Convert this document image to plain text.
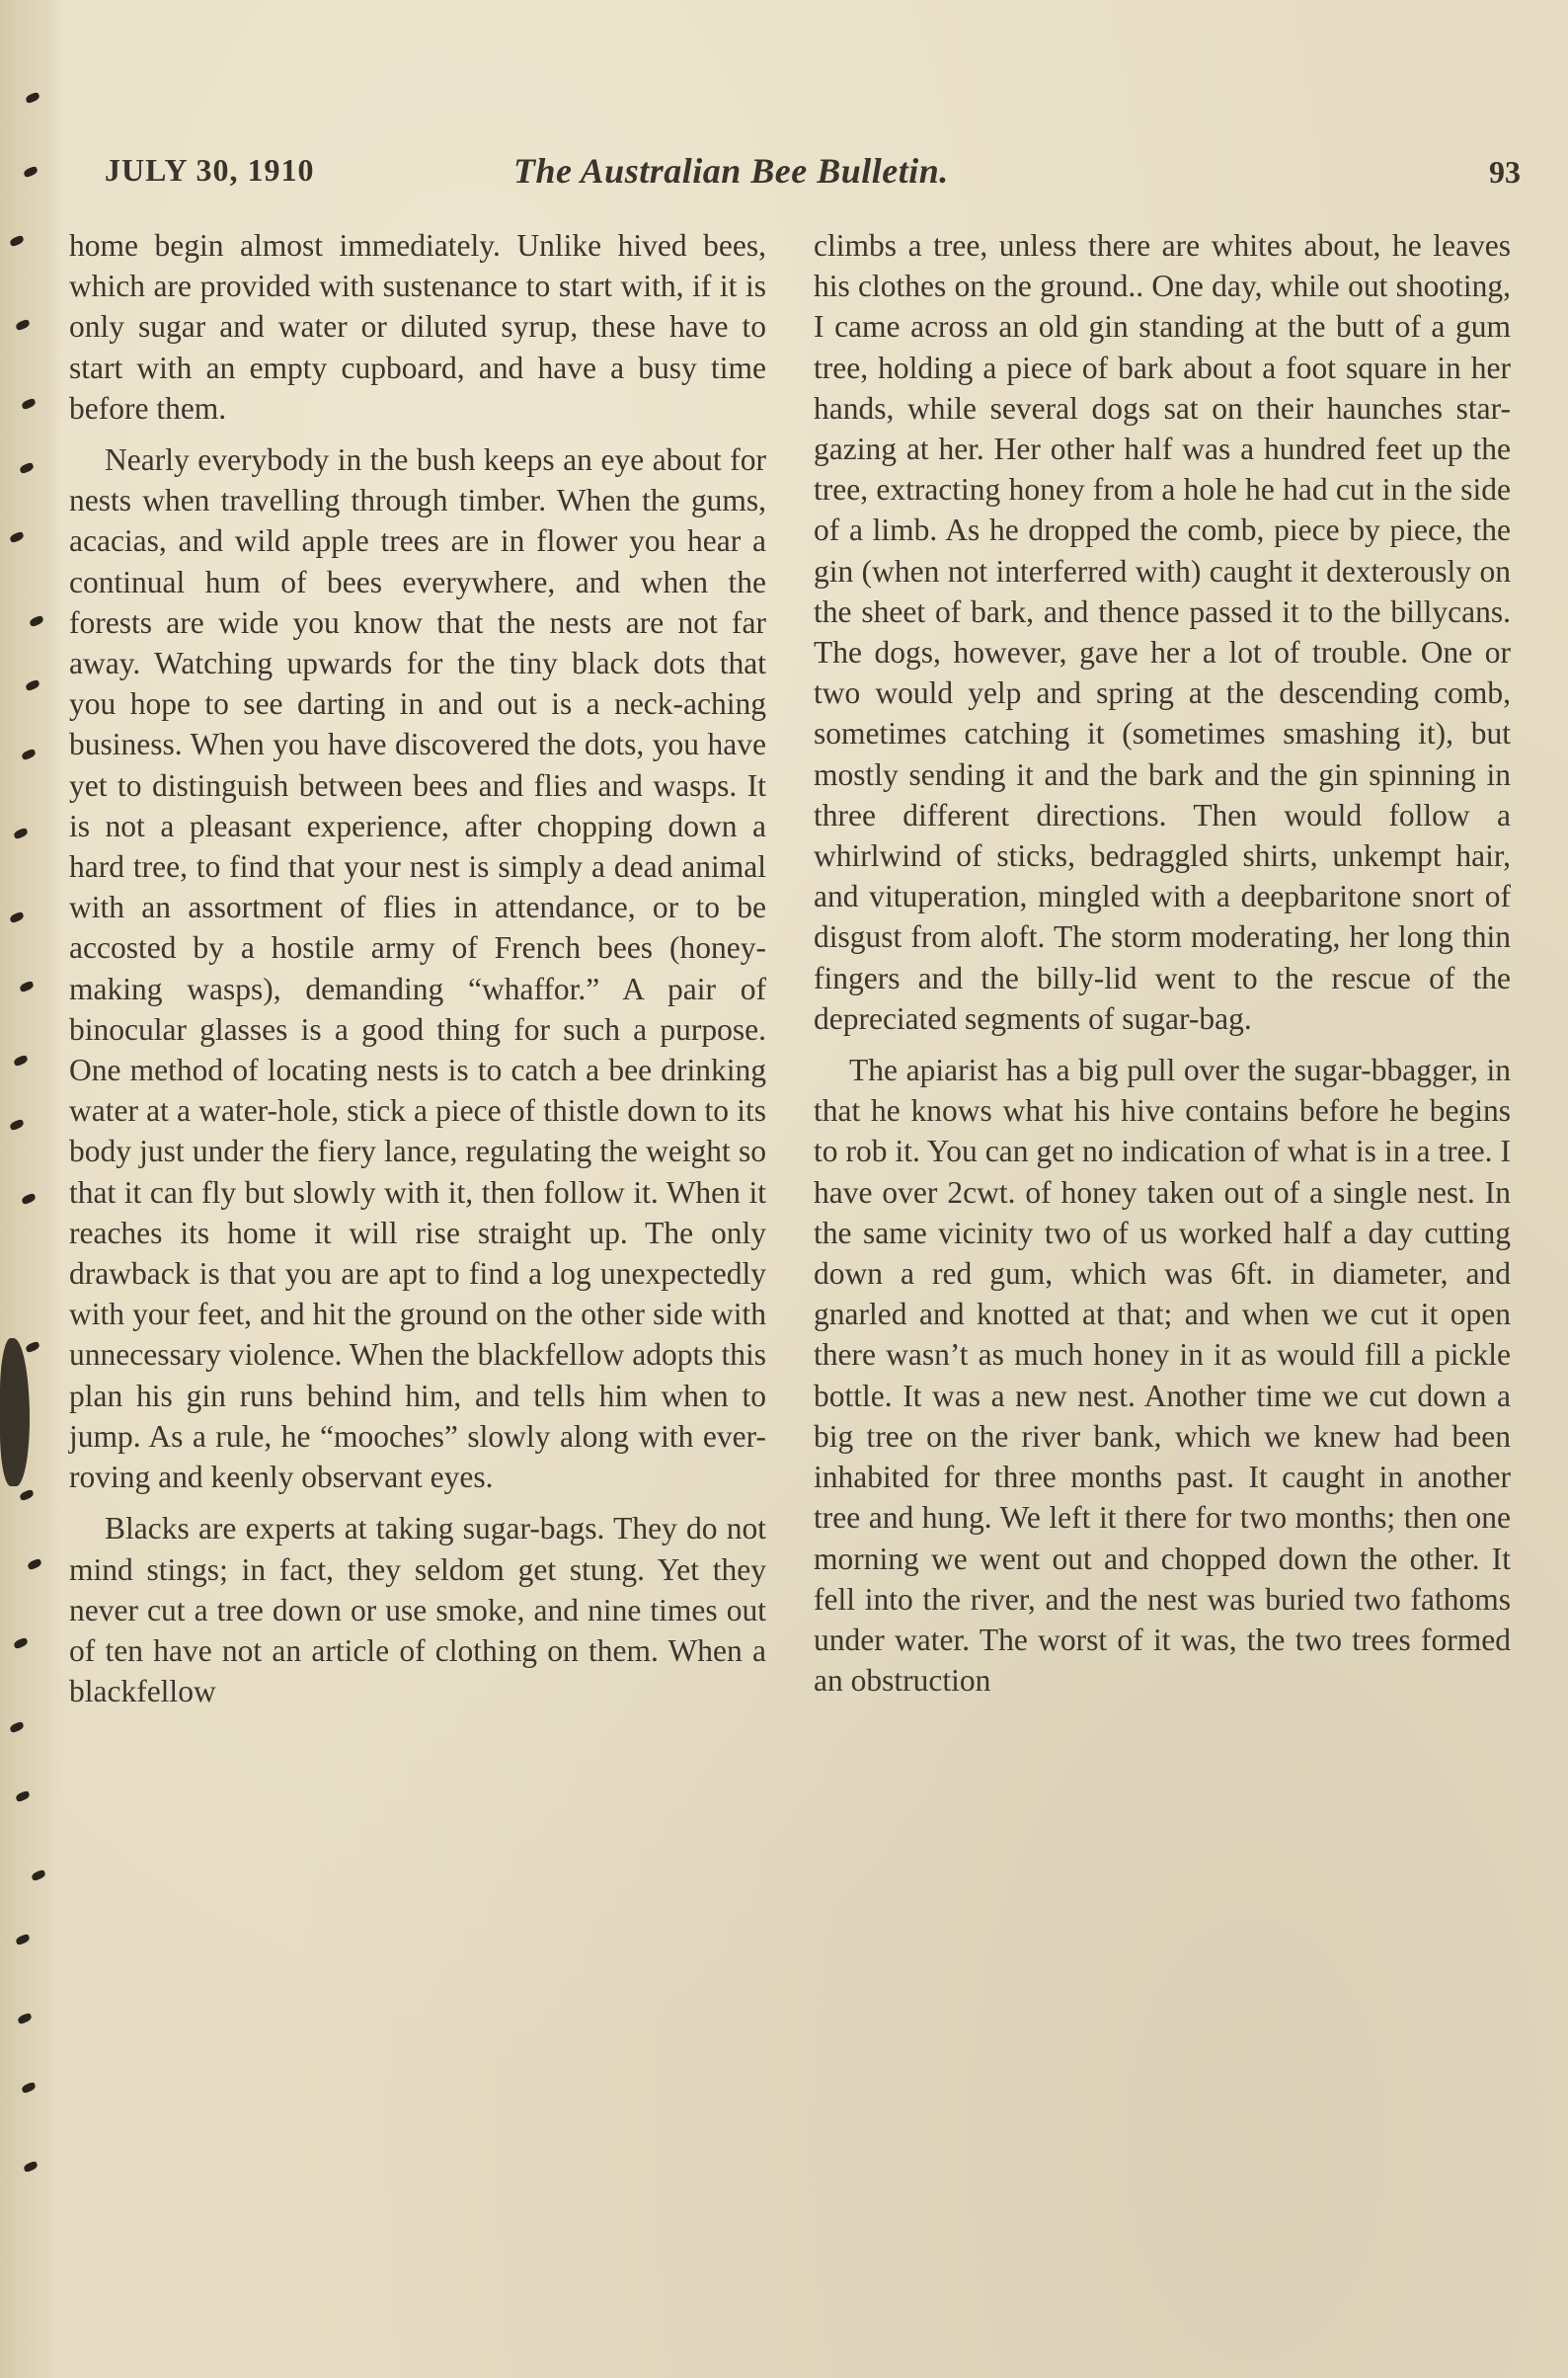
JULY 30, 1910	The Australian Bee Bulletin.	93

home begin almost immediately. Unlike hived bees, which are provided with sustenance to start with, if it is only sugar and water or diluted syrup, these have to start with an empty cupboard, and have a busy time before them.

Nearly everybody in the bush keeps an eye about for nests when travelling through timber. When the gums, acacias, and wild apple trees are in flower you hear a continual hum of bees everywhere, and when the forests are wide you know that the nests are not far away. Watching upwards for the tiny black dots that you hope to see darting in and out is a neck-aching business. When you have discovered the dots, you have yet to distinguish between bees and flies and wasps. It is not a pleasant experience, after chopping down a hard tree, to find that your nest is simply a dead animal with an assortment of flies in attendance, or to be accosted by a hostile army of French bees (honey-making wasps), demanding “whaffor.” A pair of binocular glasses is a good thing for such a purpose. One method of locating nests is to catch a bee drinking water at a water-hole, stick a piece of thistle down to its body just under the fiery lance, regulating the weight so that it can fly but slowly with it, then follow it. When it reaches its home it will rise straight up. The only drawback is that you are apt to find a log unexpectedly with your feet, and hit the ground on the other side with unnecessary violence. When the blackfellow adopts this plan his gin runs behind him, and tells him when to jump. As a rule, he “mooches” slowly along with ever-roving and keenly observant eyes.

Blacks are experts at taking sugar-bags. They do not mind stings; in fact, they seldom get stung. Yet they never cut a tree down or use smoke, and nine times out of ten have not an article of clothing on them. When a blackfellow

climbs a tree, unless there are whites about, he leaves his clothes on the ground.. One day, while out shooting, I came across an old gin standing at the butt of a gum tree, holding a piece of bark about a foot square in her hands, while several dogs sat on their haunches star-gazing at her. Her other half was a hundred feet up the tree, extracting honey from a hole he had cut in the side of a limb. As he dropped the comb, piece by piece, the gin (when not interferred with) caught it dexterously on the sheet of bark, and thence passed it to the billycans. The dogs, however, gave her a lot of trouble. One or two would yelp and spring at the descending comb, sometimes catching it (sometimes smashing it), but mostly sending it and the bark and the gin spinning in three different directions. Then would follow a whirlwind of sticks, bedraggled shirts, unkempt hair, and vituperation, mingled with a deepbaritone snort of disgust from aloft. The storm moderating, her long thin fingers and the billy-lid went to the rescue of the depreciated segments of sugar-bag.

The apiarist has a big pull over the sugar-bbagger, in that he knows what his hive contains before he begins to rob it. You can get no indication of what is in a tree. I have over 2cwt. of honey taken out of a single nest. In the same vicinity two of us worked half a day cutting down a red gum, which was 6ft. in diameter, and gnarled and knotted at that; and when we cut it open there wasn’t as much honey in it as would fill a pickle bottle. It was a new nest. Another time we cut down a big tree on the river bank, which we knew had been inhabited for three months past. It caught in another tree and hung. We left it there for two months; then one morning we went out and chopped down the other. It fell into the river, and the nest was buried two fathoms under water. The worst of it was, the two trees formed an obstruction
